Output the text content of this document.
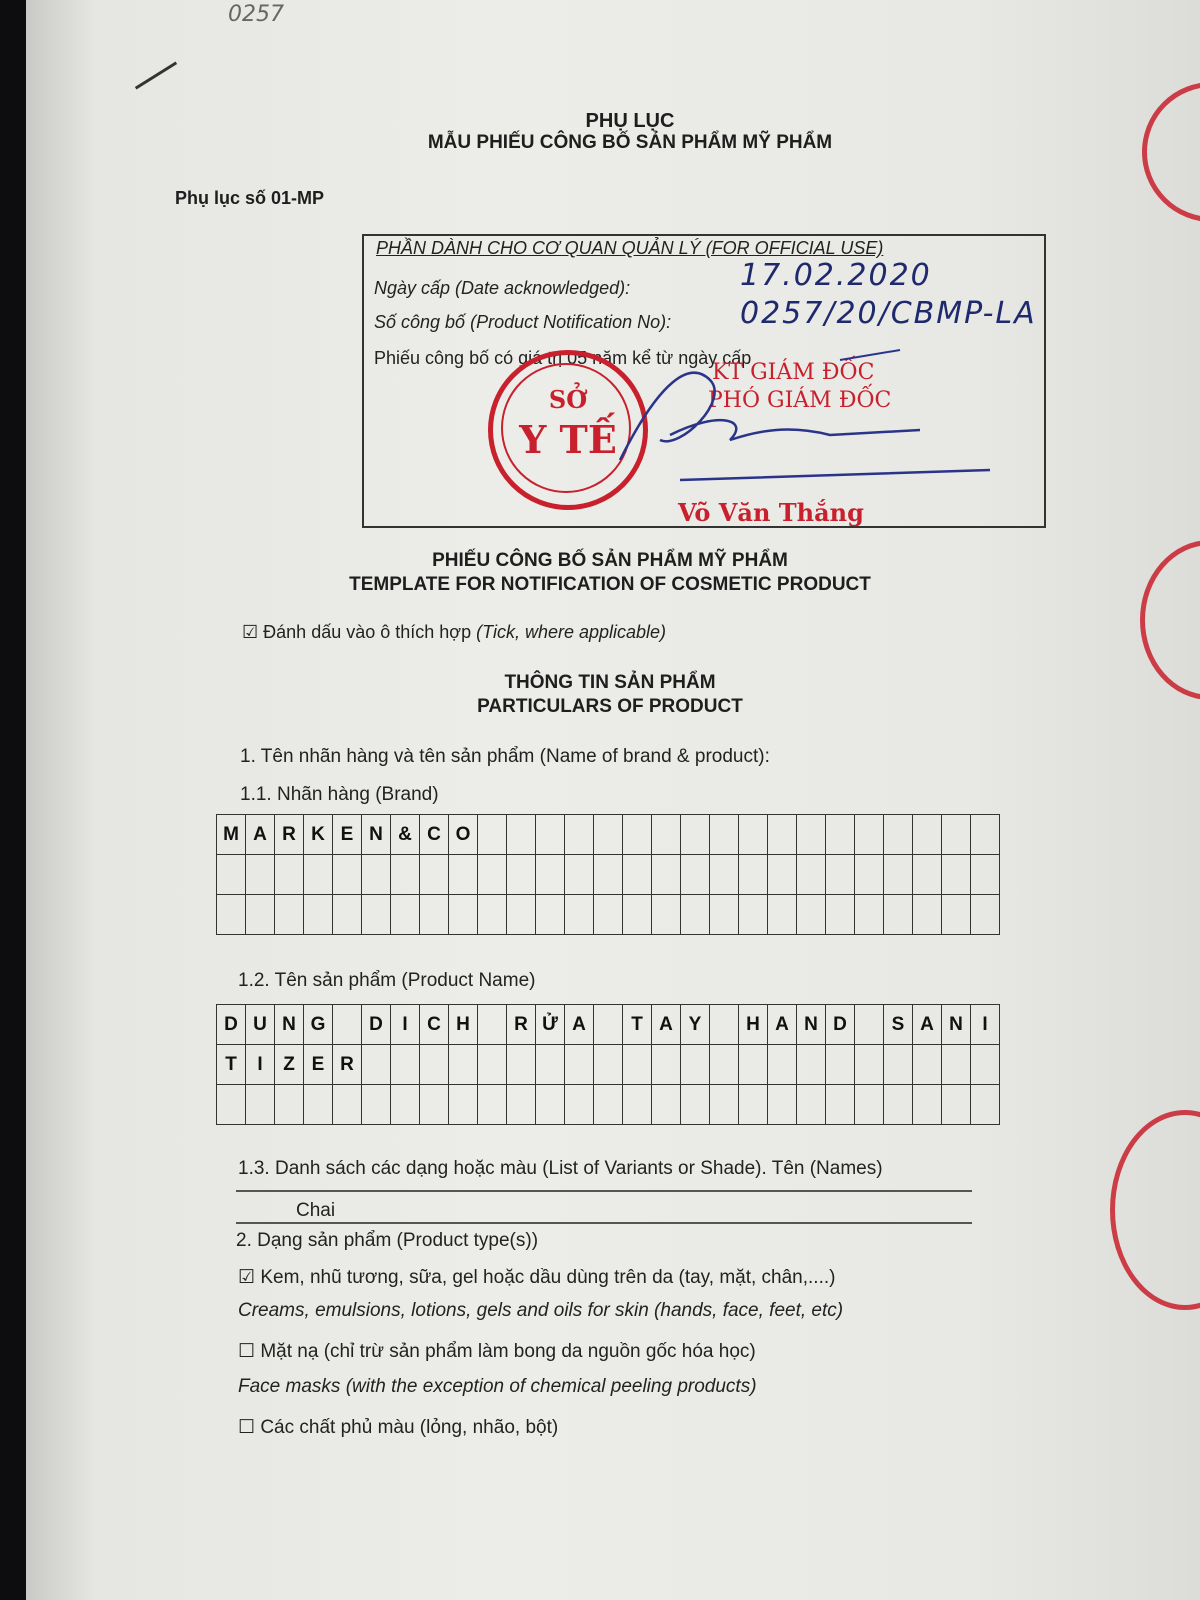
0257
PHỤ LỤC
MẪU PHIẾU CÔNG BỐ SẢN PHẨM MỸ PHẨM
Phụ lục số 01-MP
PHẦN DÀNH CHO CƠ QUAN QUẢN LÝ (FOR OFFICIAL USE)
Ngày cấp (Date acknowledged):	17.02.2020
Số công bố (Product Notification No): 0257/20/CBMP-LA
Phiếu công bố có giá trị 05 năm kể từ ngày cấp
SỞ
Y TẾ
KT GIÁM ĐỐC
PHÓ GIÁM ĐỐC
Võ Văn Thắng
PHIẾU CÔNG BỐ SẢN PHẨM MỸ PHẨM
TEMPLATE FOR NOTIFICATION OF COSMETIC PRODUCT
☑ Đánh dấu vào ô thích hợp (Tick, where applicable)
THÔNG TIN SẢN PHẨM
PARTICULARS OF PRODUCT
1. Tên nhãn hàng và tên sản phẩm (Name of brand & product):
1.1. Nhãn hàng (Brand)
M	A	R	K	E	N	&	C	O																		

1.2. Tên sản phẩm (Product Name)
D	U	N	G		D	I	C	H		R	Ử	A		T	A	Y		H	A	N	D		S	A	N	I
T	I	Z	E	R																						

1.3. Danh sách các dạng hoặc màu (List of Variants or Shade). Tên (Names)
Chai
2. Dạng sản phẩm (Product type(s))
☑ Kem, nhũ tương, sữa, gel hoặc dầu dùng trên da (tay, mặt, chân,....)
Creams, emulsions, lotions, gels and oils for skin (hands, face, feet, etc)
☐ Mặt nạ (chỉ trừ sản phẩm làm bong da nguồn gốc hóa học)
Face masks (with the exception of chemical peeling products)
☐ Các chất phủ màu (lỏng, nhão, bột)
